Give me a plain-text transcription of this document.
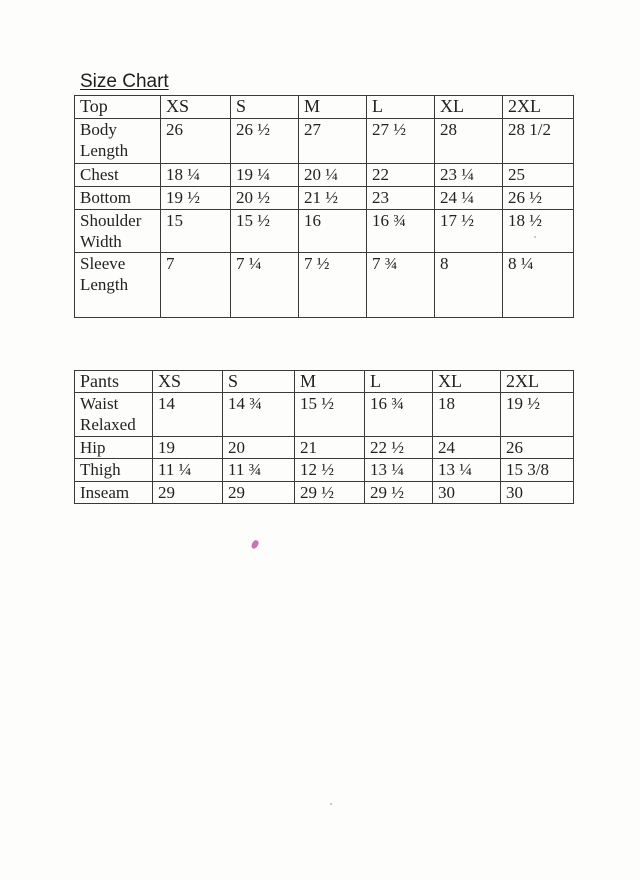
Size Chart
Top	XS	S	M	L	XL	2XL
Body
Length	26	26 ½	27	27 ½	28	28 1/2
Chest	18 ¼	19 ¼	20 ¼	22	23 ¼	25
Bottom	19 ½	20 ½	21 ½	23	24 ¼	26 ½
Shoulder
Width	15	15 ½	16	16 ¾	17 ½	18 ½
Sleeve
Length	7	7 ¼	7 ½	7 ¾	8	8 ¼
Pants	XS	S	M	L	XL	2XL
Waist
Relaxed	14	14 ¾	15 ½	16 ¾	18	19 ½
Hip	19	20	21	22 ½	24	26
Thigh	11 ¼	11 ¾	12 ½	13 ¼	13 ¼	15 3/8
Inseam	29	29	29 ½	29 ½	30	30
